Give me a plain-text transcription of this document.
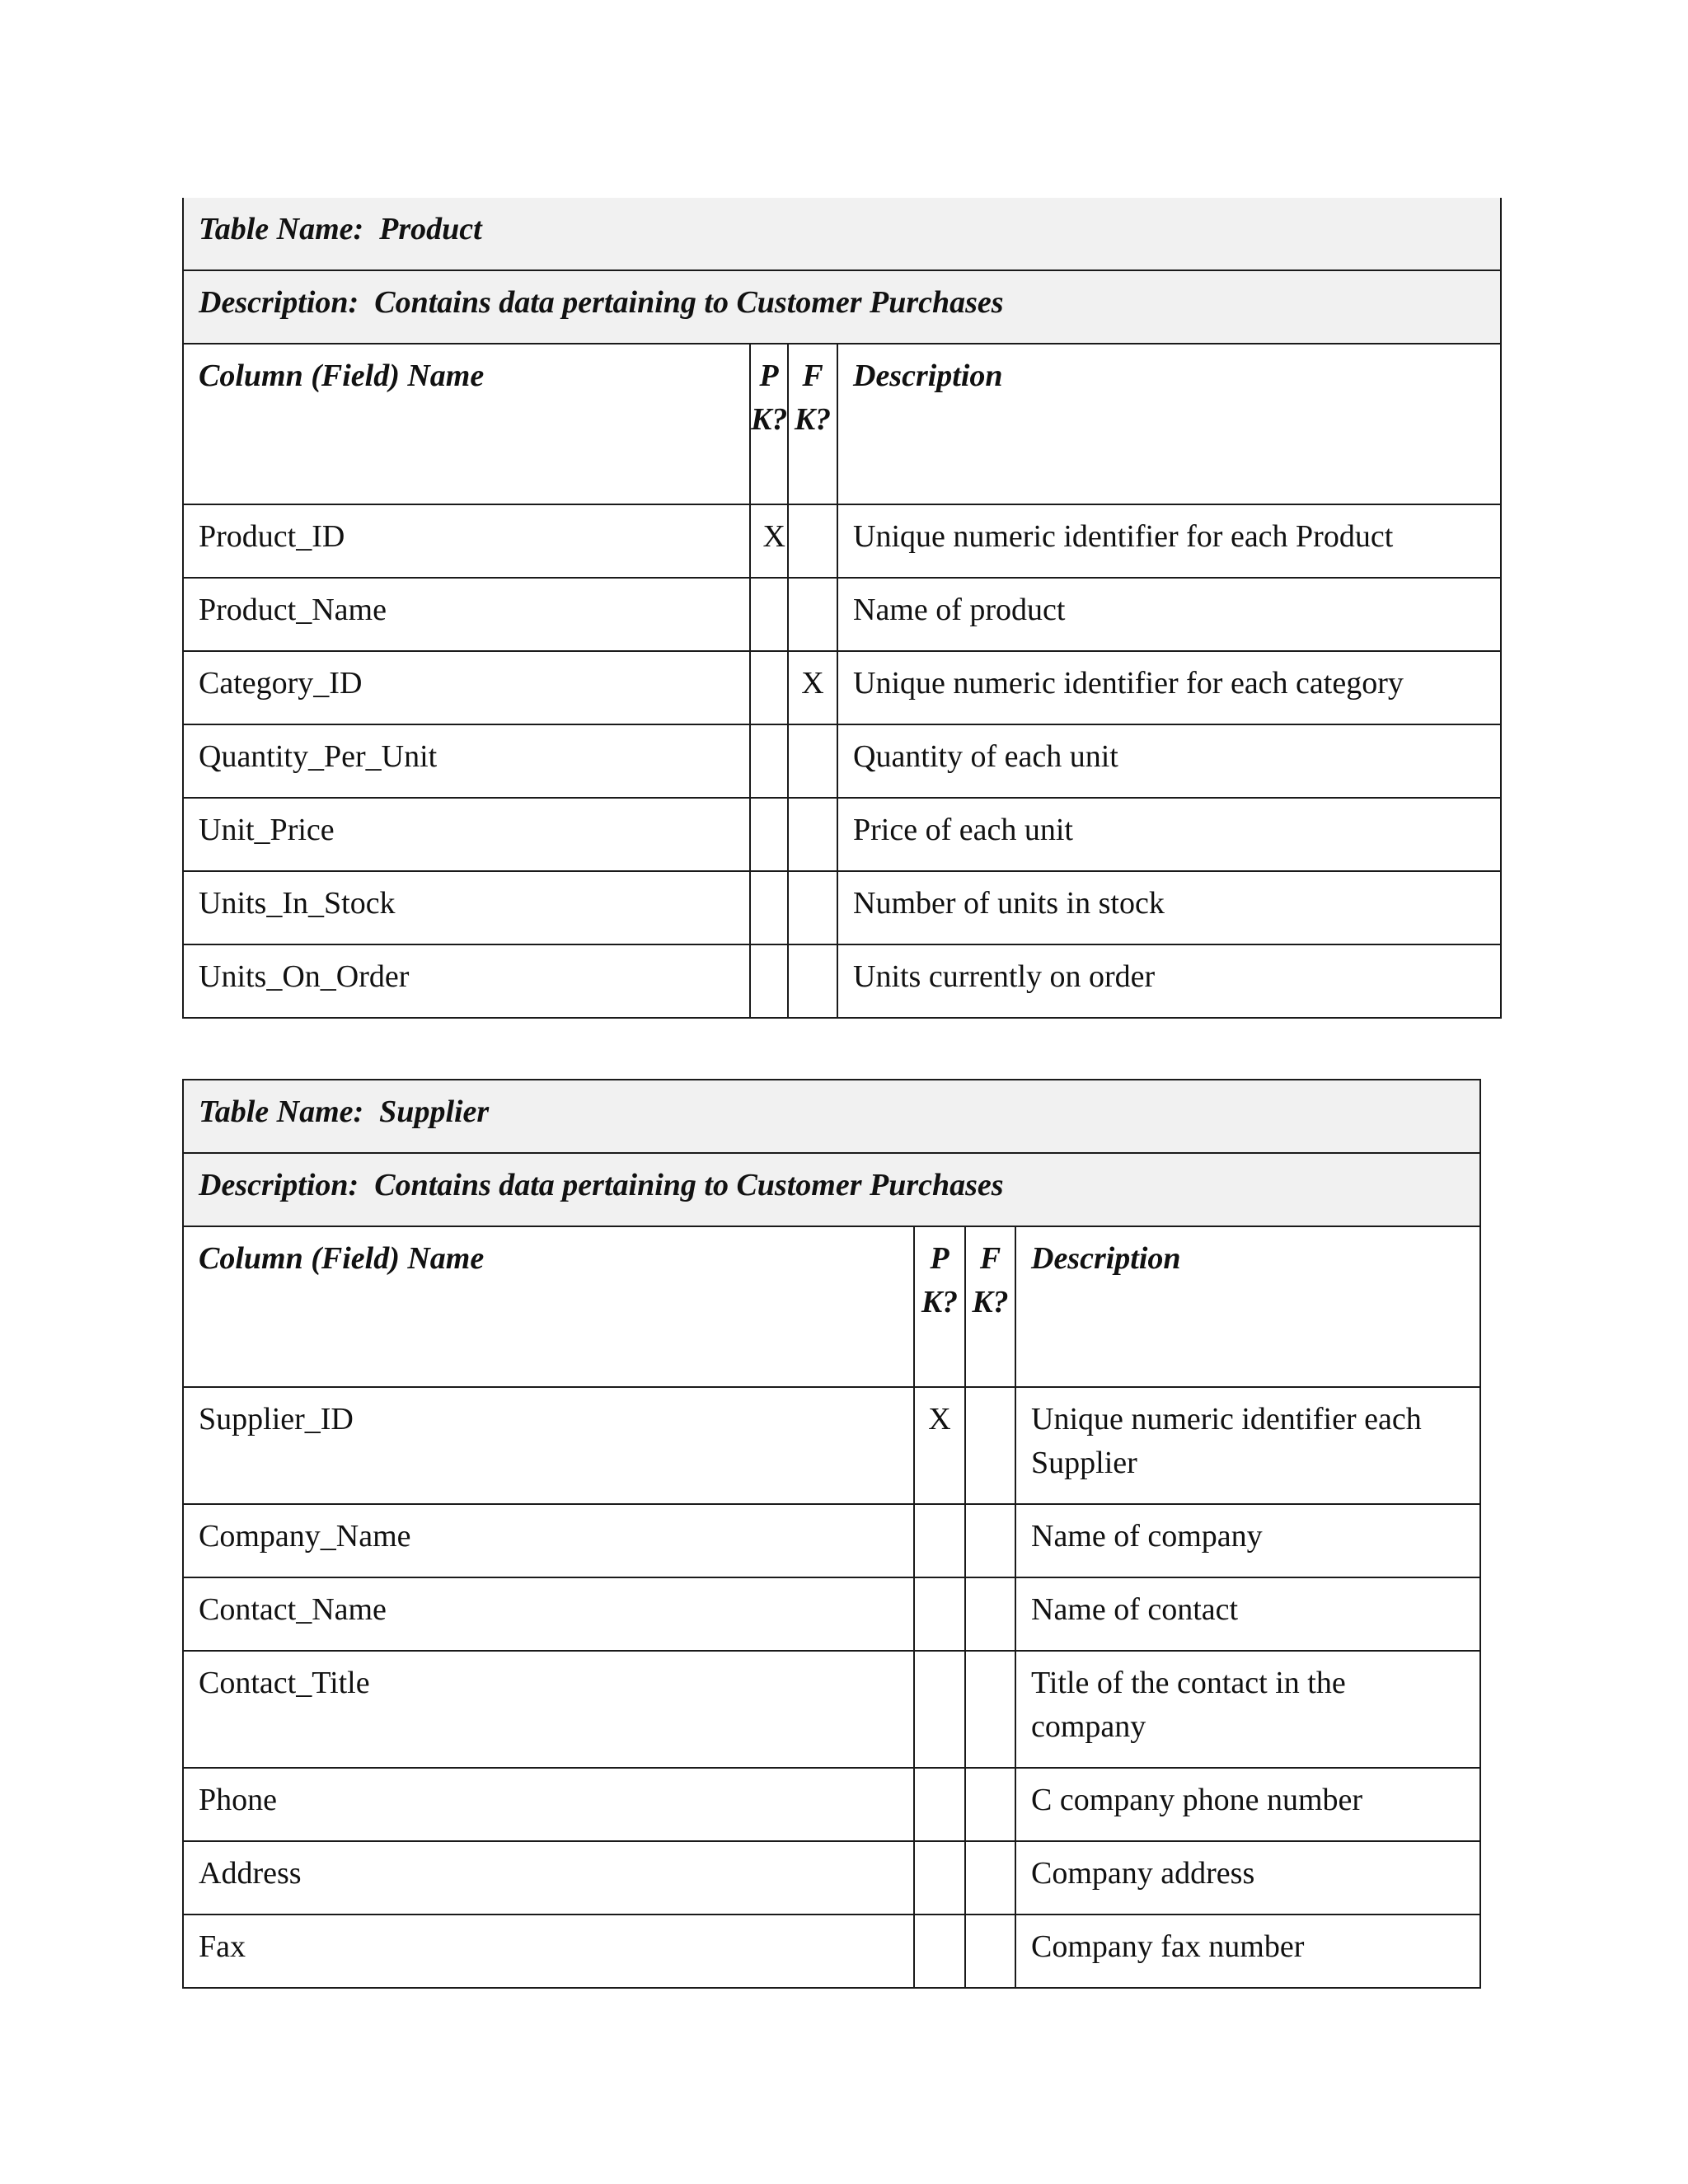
Table Name: Product			
Description: Contains data pertaining to Customer Purchases			
Column (Field) Name	PK?	FK?	Description
Product_ID	X		Unique numeric identifier for each Product
Product_Name			Name of product
Category_ID		X	Unique numeric identifier for each category
Quantity_Per_Unit			Quantity of each unit
Unit_Price			Price of each unit
Units_In_Stock			Number of units in stock
Units_On_Order			Units currently on order
Table Name: Supplier			
Description: Contains data pertaining to Customer Purchases			
Column (Field) Name	PK?	FK?	Description
Supplier_ID	X		Unique numeric identifier each Supplier
Company_Name			Name of company
Contact_Name			Name of contact
Contact_Title			Title of the contact in the company
Phone			C company phone number
Address			Company address
Fax			Company fax number
